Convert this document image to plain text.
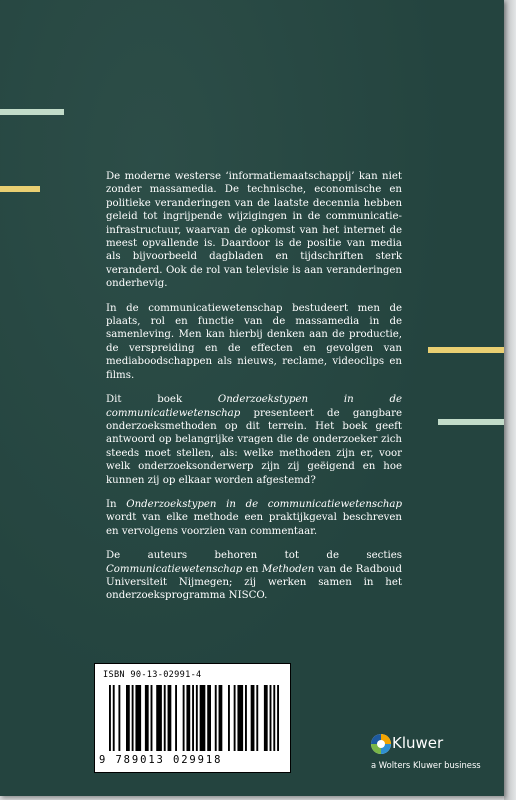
De moderne westerse ‘informatiemaatschappij’ kan niet zonder massamedia. De technische, economische en politieke veranderingen van de laatste decennia hebben geleid tot ingrijpende wijzigingen in de communicatieinfrastructuur, waarvan de opkomst van het internet de meest opvallende is. Daardoor is de positie van media als bijvoorbeeld dagbladen en tijdschriften sterk veranderd. Ook de rol van televisie is aan veranderingen onderhevig.

In de communicatiewetenschap bestudeert men de plaats, rol en functie van de massamedia in de samenleving. Men kan hierbij denken aan de productie, de verspreiding en de effecten en gevolgen van mediaboodschappen als nieuws, reclame, videoclips en films.

Dit boek Onderzoekstypen in de communicatiewetenschap presenteert de gangbare onderzoeksmethoden op dit terrein. Het boek geeft antwoord op belangrijke vragen die de onderzoeker zich steeds moet stellen, als: welke methoden zijn er, voor welk onderzoeksonderwerp zijn zij geëigend en hoe kunnen zij op elkaar worden afgestemd?

In Onderzoekstypen in de communicatiewetenschap wordt van elke methode een praktijkgeval beschreven en vervolgens voorzien van commentaar.

De auteurs behoren tot de secties Communicatiewetenschap en Methoden van de Radboud Universiteit Nijmegen; zij werken samen in het onderzoeksprogramma NISCO.

ISBN 90-13-02991-4
9 789013 029918
Kluwer
a Wolters Kluwer business
